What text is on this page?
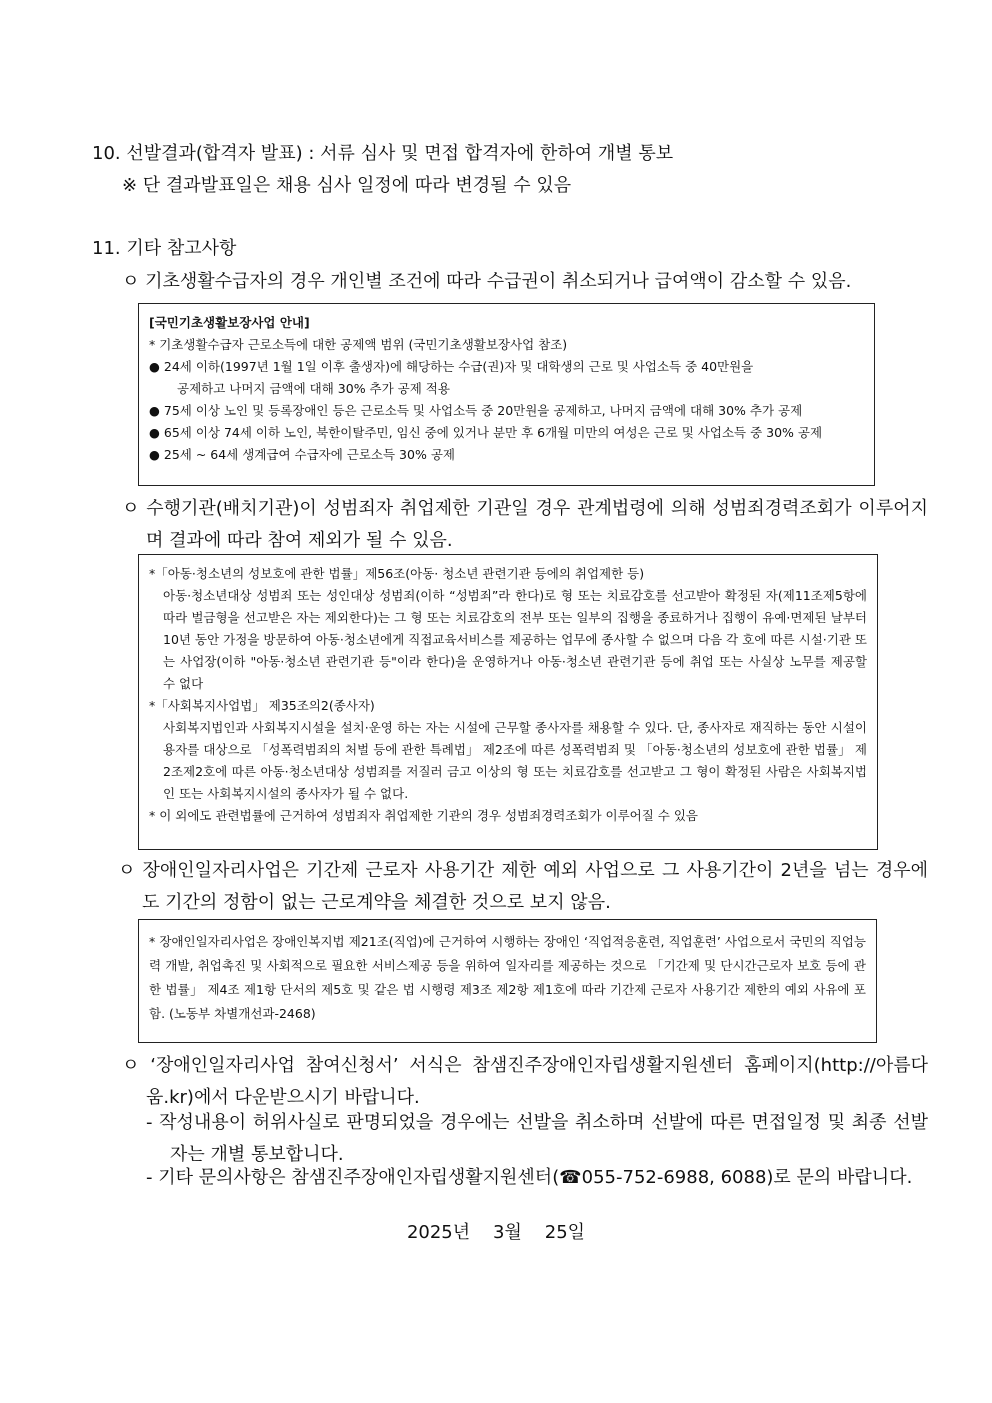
10. 선발결과(합격자 발표) : 서류 심사 및 면접 합격자에 한하여 개별 통보
※ 단 결과발표일은 채용 심사 일정에 따라 변경될 수 있음
11. 기타 참고사항
ㅇ 기초생활수급자의 경우 개인별 조건에 따라 수급권이 취소되거나 급여액이 감소할 수 있음.
[국민기초생활보장사업 안내]
* 기초생활수급자 근로소득에 대한 공제액 범위 (국민기초생활보장사업 참조)
● 24세 이하(1997년 1월 1일 이후 출생자)에 해당하는 수급(권)자 및 대학생의 근로 및 사업소득 중 40만원을
공제하고 나머지 금액에 대해 30% 추가 공제 적용
● 75세 이상 노인 및 등록장애인 등은 근로소득 및 사업소득 중 20만원을 공제하고, 나머지 금액에 대해 30% 추가 공제
● 65세 이상 74세 이하 노인, 북한이탈주민, 임신 중에 있거나 분만 후 6개월 미만의 여성은 근로 및 사업소득 중 30% 공제
● 25세 ~ 64세 생계급여 수급자에 근로소득 30% 공제
ㅇ 수행기관(배치기관)이 성범죄자 취업제한 기관일 경우 관계법령에 의해 성범죄경력조회가 이루어지며 결과에 따라 참여 제외가 될 수 있음.
*「아동·청소년의 성보호에 관한 법률」제56조(아동· 청소년 관련기관 등에의 취업제한 등)
아동·청소년대상 성범죄 또는 성인대상 성범죄(이하 “성범죄”라 한다)로 형 또는 치료감호를 선고받아 확정된 자(제11조제5항에 따라 벌금형을 선고받은 자는 제외한다)는 그 형 또는 치료감호의 전부 또는 일부의 집행을 종료하거나 집행이 유예·면제된 날부터 10년 동안 가정을 방문하여 아동·청소년에게 직접교육서비스를 제공하는 업무에 종사할 수 없으며 다음 각 호에 따른 시설·기관 또는 사업장(이하 "아동·청소년 관련기관 등"이라 한다)을 운영하거나 아동·청소년 관련기관 등에 취업 또는 사실상 노무를 제공할 수 없다
*「사회복지사업법」 제35조의2(종사자)
사회복지법인과 사회복지시설을 설치·운영 하는 자는 시설에 근무할 종사자를 채용할 수 있다. 단, 종사자로 재직하는 동안 시설이용자를 대상으로 「성폭력범죄의 처벌 등에 관한 특례법」 제2조에 따른 성폭력범죄 및 「아동·청소년의 성보호에 관한 법률」 제2조제2호에 따른 아동·청소년대상 성범죄를 저질러 금고 이상의 형 또는 치료감호를 선고받고 그 형이 확정된 사람은 사회복지법인 또는 사회복지시설의 종사자가 될 수 없다.
* 이 외에도 관련법률에 근거하여 성범죄자 취업제한 기관의 경우 성범죄경력조회가 이루어질 수 있음
ㅇ 장애인일자리사업은 기간제 근로자 사용기간 제한 예외 사업으로 그 사용기간이 2년을 넘는 경우에도 기간의 정함이 없는 근로계약을 체결한 것으로 보지 않음.
* 장애인일자리사업은 장애인복지법 제21조(직업)에 근거하여 시행하는 장애인 ‘직업적응훈련, 직업훈련’ 사업으로서 국민의 직업능력 개발, 취업촉진 및 사회적으로 필요한 서비스제공 등을 위하여 일자리를 제공하는 것으로 「기간제 및 단시간근로자 보호 등에 관한 법률」 제4조 제1항 단서의 제5호 및 같은 법 시행령 제3조 제2항 제1호에 따라 기간제 근로자 사용기간 제한의 예외 사유에 포함. (노동부 차별개선과-2468)
ㅇ ‘장애인일자리사업 참여신청서’ 서식은 참샘진주장애인자립생활지원센터 홈페이지(http://아름다움.kr)에서 다운받으시기 바랍니다.
- 작성내용이 허위사실로 판명되었을 경우에는 선발을 취소하며 선발에 따른 면접일정 및 최종 선발자는 개별 통보합니다.
- 기타 문의사항은 참샘진주장애인자립생활지원센터(☎055-752-6988, 6088)로 문의 바랍니다.
2025년    3월    25일
